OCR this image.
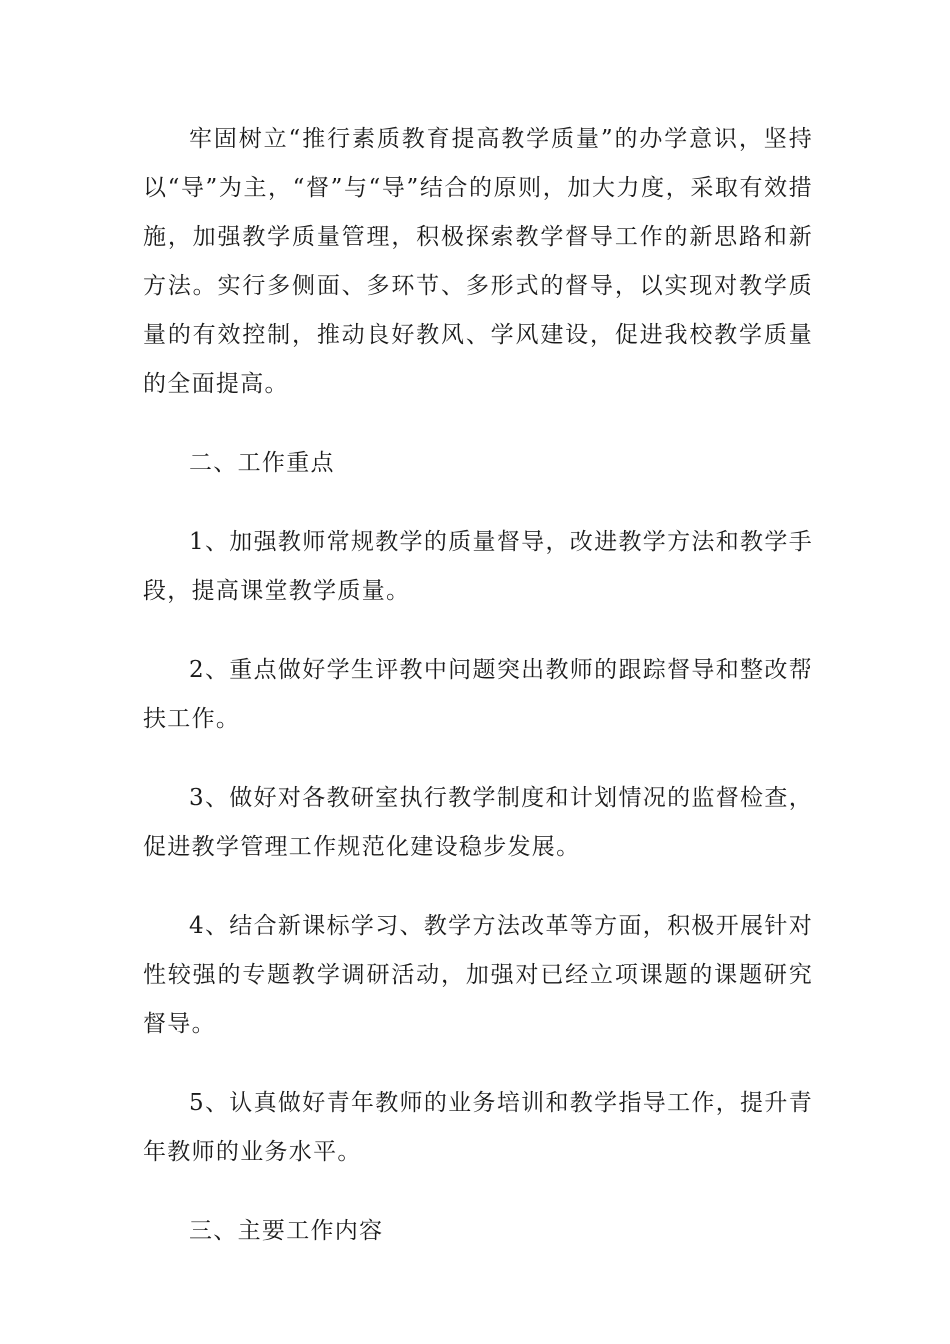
牢固树立“推行素质教育提高教学质量”的办学意识，坚持以“导”为主，“督”与“导”结合的原则，加大力度，采取有效措施，加强教学质量管理，积极探索教学督导工作的新思路和新方法。实行多侧面、多环节、多形式的督导，以实现对教学质量的有效控制，推动良好教风、学风建设，促进我校教学质量的全面提高。

二、工作重点

1、加强教师常规教学的质量督导，改进教学方法和教学手段，提高课堂教学质量。

2、重点做好学生评教中问题突出教师的跟踪督导和整改帮扶工作。

3、做好对各教研室执行教学制度和计划情况的监督检查，促进教学管理工作规范化建设稳步发展。

4、结合新课标学习、教学方法改革等方面，积极开展针对性较强的专题教学调研活动，加强对已经立项课题的课题研究督导。

5、认真做好青年教师的业务培训和教学指导工作，提升青年教师的业务水平。

三、主要工作内容
